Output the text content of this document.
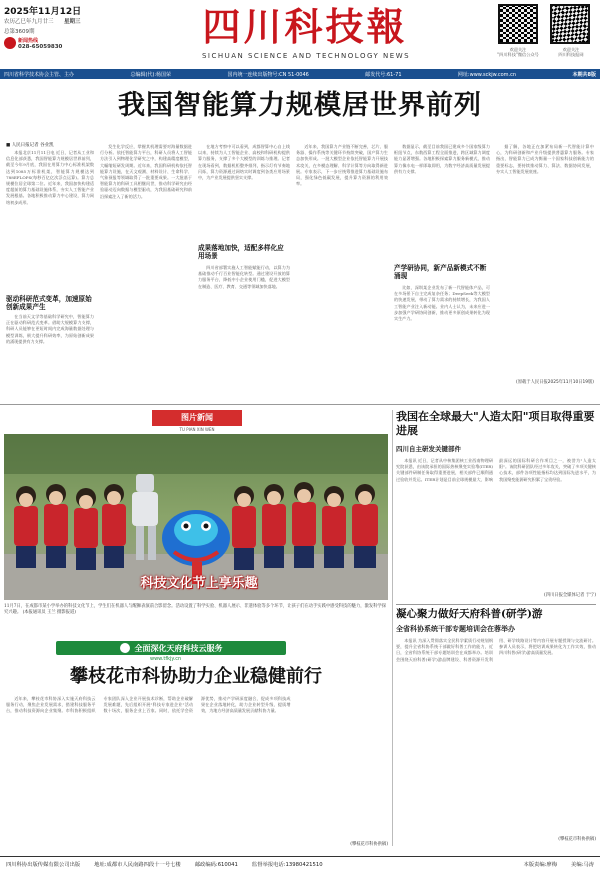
2025年11月12日
农历乙巳年九月廿三 星期三
总第3609期
新闻热线
028-65059830	四川科技報
SICHUAN SCIENCE AND TECHNOLOGY NEWS
欢迎关注
"四川科技"微信公众号
欢迎关注
四川科技报网
四川省科学技术协会主管、主办	总编辑(代):杨国荣	国内统一连续出版物号:CN 51-0046	邮发代号:61-71	网址:www.sckjw.com.cn	本期共8版
我国智能算力规模居世界前列
■ 人民日报记者 谷业凯

本报北京11月11日电 近日，记者从工业和信息化部获悉，我国智能算力规模居世界前列，截至今年9月底，我国在用算力中心标准机架数达到1085万标准机架，智能算力规模达到788EFLOPS(每秒百亿亿次浮点运算)。算力总规模位居全球第二位。近年来，我国加快构建适度超前的算力基础设施体系，夯实人工智能产业发展根基。各地积极推动算力中心建设，算力网络初步成形。

驱动科研范式变革，加速原始创新成果产生

在当前天文学等基础科学研究中，智能算力正在驱动科研范式变革。借助大规模算力支撑，科研人员能够在更短时间内完成海量数据处理与模型训练，极大提升科研效率，为原始创新成果的涌现提供有力支撑。

发生化学反应，掌握其机理需要对海量数据进行分析。依托智能算力平台，科研人员将人工智能方法引入到物理化学研究之中，构建高精度模型，大幅缩短研发周期。近年来，我国科研机构依托智能算力设施，在天文观测、材料设计、生命科学、气象预报等领域取得了一批重要成果。一大批基于智能算力的科研工具相继问世，推动科学研究由经验驱动迈向数据与模型驱动，为我国基础研究和前沿探索注入了新的活力。

在地方考察中可以看到，成都智算中心自上线以来，持续为人工智能企业、高校和科研机构提供算力服务，支撑了多个大模型的训练与推理。记者在现场看到，数据机柜整齐排列，指示灯有节奏地闪烁，算力资源通过网络实时调度到各类应用场景中，为产业发展提供坚实支撑。

成果落地加快，适配多样化应用场景

四川省部署实施人工智能赋能行动，以算力为基础推动千行百业智能化转型。通过建设开放的算力服务平台，降低中小企业使用门槛，促进大模型在制造、医疗、教育、交通等领域加快落地。

近年来，我国算力产业链不断完善，芯片、服务器、操作系统等关键环节持续突破，国产算力生态加快形成。一批大模型企业依托智能算力开展技术攻关，在多模态理解、科学计算等方向取得新进展。专家表示，下一步应统筹推进算力基础设施布局，强化绿色低碳发展，提升算力资源的利用效率。

数据显示，截至目前我国已建成多个国家级算力枢纽节点，东数西算工程全面推进，跨区域算力调度能力显著增强。各地积极探索算力服务新模式，推动算力像水电一样即取即用，为数字经济高质量发展提供有力支撑。

产学研协同，新产品新模式不断涌现

比如，深圳某企业发布了新一代智能体产品，可在多场景下自主完成复杂任务；DeepSeek等大模型的快速发展，带动了算力需求的持续增长，为我国人工智能产业注入新动能。业内人士认为，未来应进一步加强产学研协同创新，推动更多原创成果转化为现实生产力。

据了解，各地正在加紧布局新一代智能计算中心，为科研创新和产业升级提供普惠算力服务。专家指出，智能算力已成为衡量一个国家科技创新能力的重要标志，要持续推动算力、算法、数据协同发展，夯实人工智能发展底座。

(原载于人民日报2025年11月10日19版)
图片新闻
TU PIAN XIN WEN
科技文化节上享乐趣
11月7日，在成都市某小学举办的科技文化节上，学生们在机器人与醒狮表演前合影留念。活动设置了科学实验、机器人展示、非遗体验等多个环节，让孩子们在动手实践中感受科技的魅力，激发科学探究兴趣。 (本报通讯员 王兰 摄影报道)
我国在全球最大"人造太阳"项目取得重要进展
四川自主研发关键部件

本报讯 近日，记者从中核集团核工业西南物理研究院获悉，由该院承担的国际热核聚变实验堆(ITER)关键部件研制任务取得重要进展，相关部件已顺利通过验收并发运。ITER计划是目前全球规模最大、影响最深远的国际科研合作项目之一，被誉为"人造太阳"。该院科研团队经过多年攻关，突破了多项关键核心技术，部件各项性能指标均达到国际先进水平，为我国聚变能源研究积累了宝贵经验。

(四川日报全媒体记者 于宁)
凝心聚力做好天府科普(研学)游
全省科协系统干部专题培训会在蓉举办

本报讯 为深入贯彻落实全民科学素质行动规划纲要，提升全省科协系统干部做好科普工作的能力，近日，全省科协系统干部专题培训会在成都举办。培训会围绕天府科普(研学)游品牌建设、科普资源开发利用、研学线路设计等内容开展专题授课与交流研讨。参训人员表示，将把培训成果转化为工作实效，推动四川科普(研学)游高质量发展。

(攀枝花市科协供稿)
全面深化天府科技云服务
www.tfkjy.cn
攀枝花市科协助力企业稳健前行

近年来，攀枝花市科协深入实施天府科技云服务行动，聚焦企业发展需求，搭建科技服务平台，推动科技资源向企业集聚。市科协积极组织专家团队深入企业开展技术诊断，帮助企业破解发展难题，先后组织开展"科技专家进企业"活动数十场次，服务企业上百家。同时，依托学会资源优势，推动产学研深度融合，促成多项科技成果在企业落地转化，助力企业转型升级、提质增效，为地方经济高质量发展贡献科协力量。

(攀枝花市科协供稿)
四川科协出版传媒有限公司出版	地址:成都市人民南路四段十一号七楼	邮政编码:610041	监督举报电话:13980421510	本版责编:廖梅	美编:马涛
